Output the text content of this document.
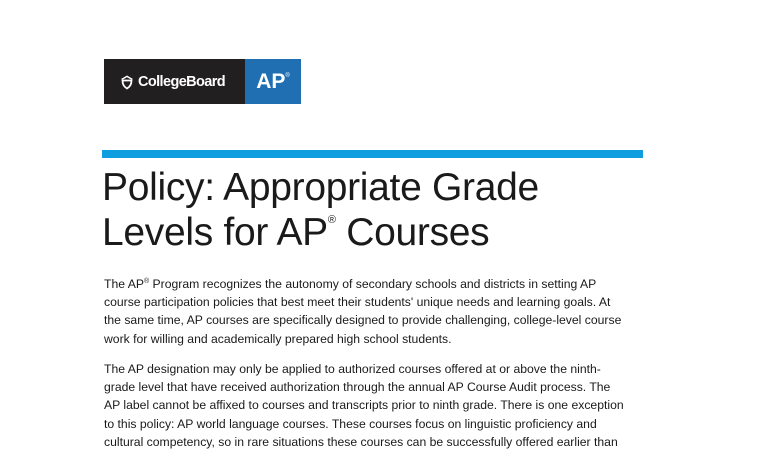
CollegeBoard AP®
Policy: Appropriate Grade
Levels for AP® Courses

The AP® Program recognizes the autonomy of secondary schools and districts in setting AP
course participation policies that best meet their students' unique needs and learning goals. At
the same time, AP courses are specifically designed to provide challenging, college-level course
work for willing and academically prepared high school students.

The AP designation may only be applied to authorized courses offered at or above the ninth-
grade level that have received authorization through the annual AP Course Audit process. The
AP label cannot be affixed to courses and transcripts prior to ninth grade. There is one exception
to this policy: AP world language courses. These courses focus on linguistic proficiency and
cultural competency, so in rare situations these courses can be successfully offered earlier than
